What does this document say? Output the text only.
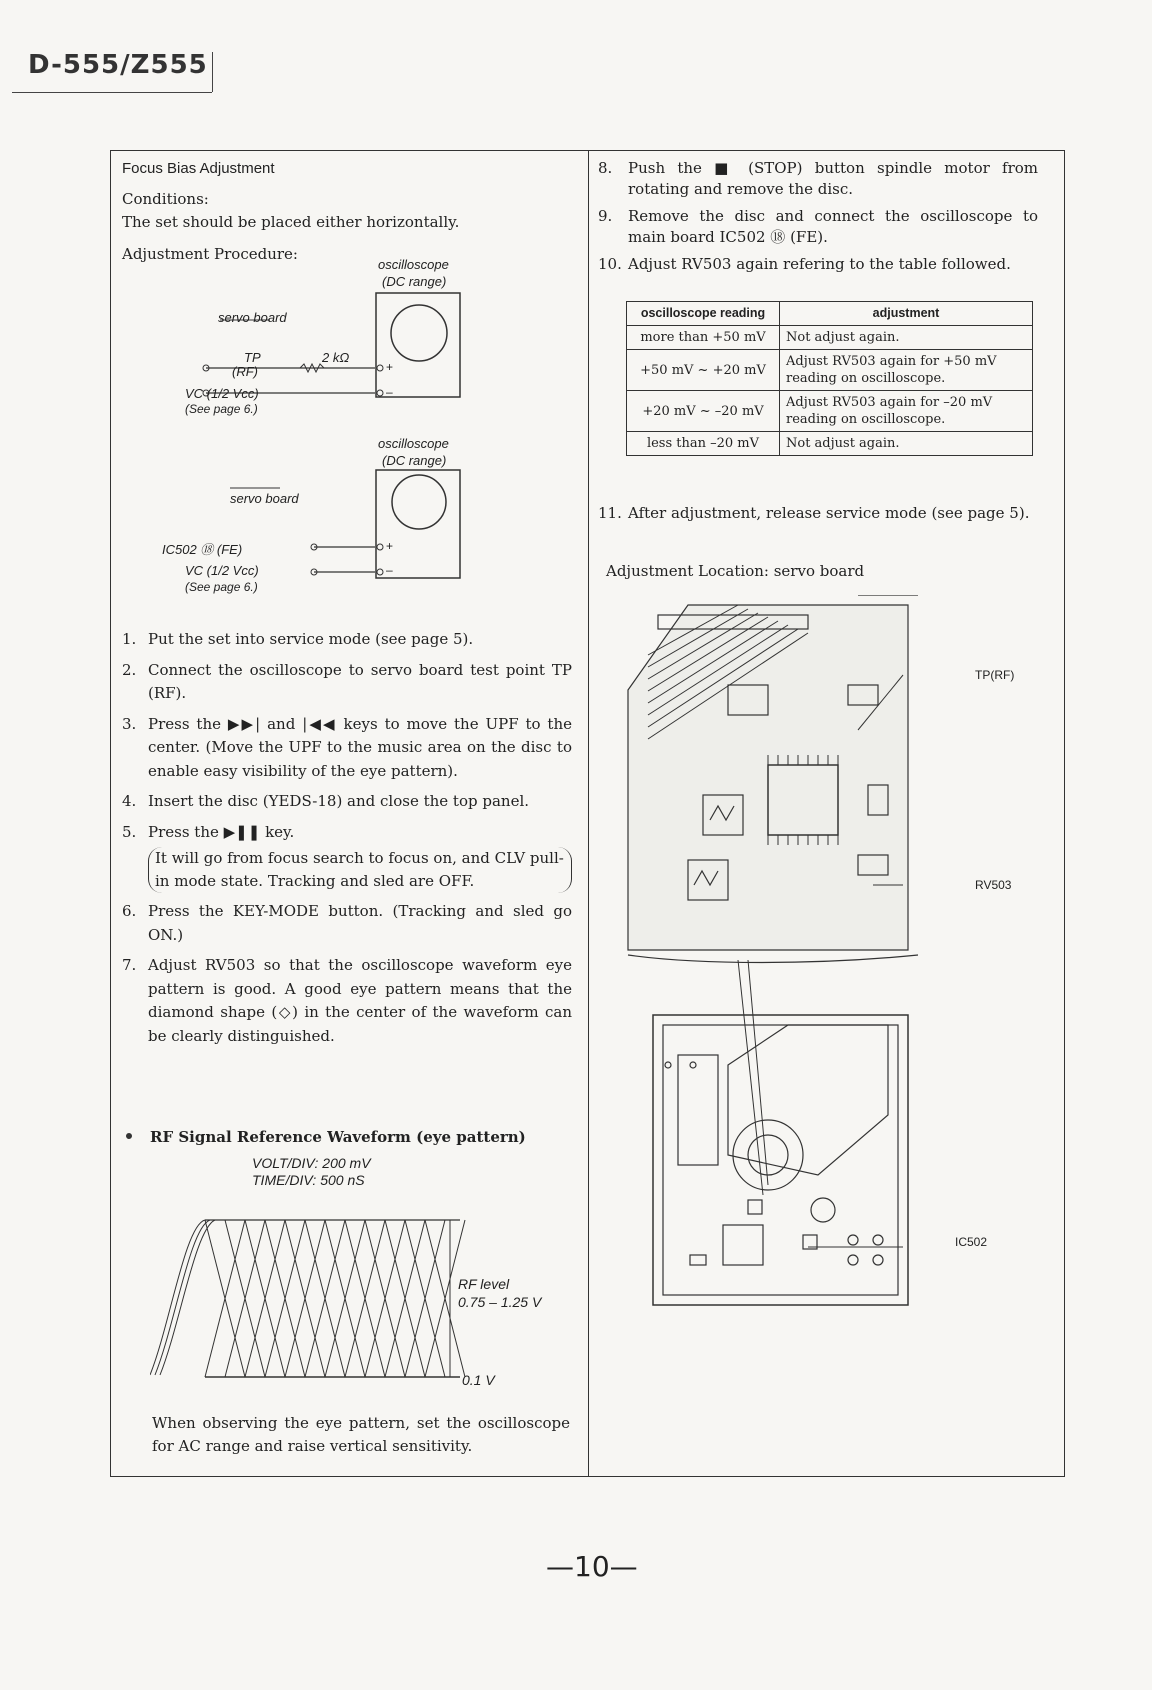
D-555/Z555
Focus Bias Adjustment
Conditions:
The set should be placed either horizontally.
Adjustment Procedure:
oscilloscope
(DC range)
servo board
TP	2 kΩ
(RF)
VC (1/2 Vcc)
(See page 6.)
+
–
oscilloscope
(DC range)
servo board
IC502 ⑱ (FE)
VC (1/2 Vcc)
(See page 6.)
+
–
1. Put the set into service mode (see page 5).
2. Connect the oscilloscope to servo board test point TP (RF).
3. Press the ▶▶| and |◀◀ keys to move the UPF to the center. (Move the UPF to the music area on the disc to enable easy visibility of the eye pattern).
4. Insert the disc (YEDS-18) and close the top panel.
5. Press the ▶❚❚ key.
It will go from focus search to focus on, and CLV pull-in mode state. Tracking and sled are OFF.
6. Press the KEY-MODE button. (Tracking and sled go ON.)
7. Adjust RV503 so that the oscilloscope waveform eye pattern is good. A good eye pattern means that the diamond shape (◇) in the center of the waveform can be clearly distinguished.
RF Signal Reference Waveform (eye pattern)
VOLT/DIV: 200 mV
TIME/DIV: 500 nS
RF level
0.75 – 1.25 V
0.1 V
When observing the eye pattern, set the oscilloscope for AC range and raise vertical sensitivity.
8.	Push the ■ (STOP) button spindle motor from rotating and remove the disc.
9.	Remove the disc and connect the oscilloscope to main board IC502 ⑱ (FE).
10. Adjust RV503 again refering to the table followed.
oscilloscope reading	adjustment
more than +50 mV	Not adjust again.
+50 mV ~ +20 mV	Adjust RV503 again for +50 mV reading on oscilloscope.
+20 mV ~ –20 mV	Adjust RV503 again for –20 mV reading on oscilloscope.
less than –20 mV	Not adjust again.
11. After adjustment, release service mode (see page 5).
Adjustment Location: servo board
TP(RF)
RV503
IC502
—10—
